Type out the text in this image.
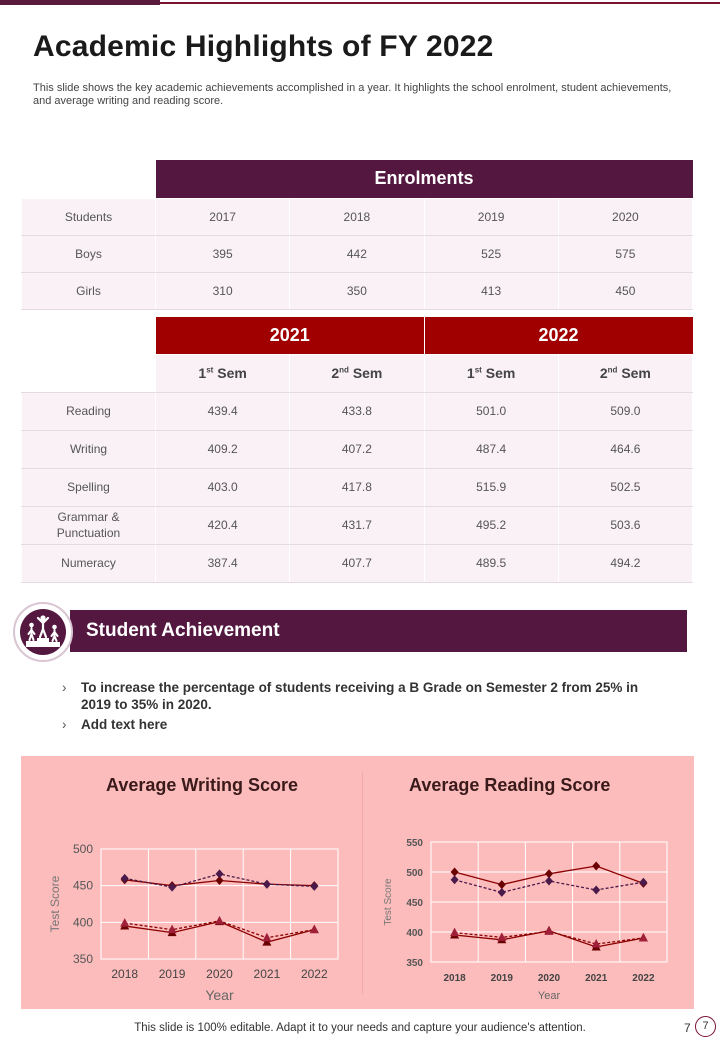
Academic Highlights of FY 2022

This slide shows the key academic achievements accomplished in a year. It highlights the school enrolment, student achievements, and average writing and reading score.

	Enrolments			
Students	2017	2018	2019	2020
Boys	395	442	525	575
Girls	310	350	413	450
	2021		2022	
	1st Sem	2nd Sem	1st Sem	2nd Sem
Reading	439.4	433.8	501.0	509.0
Writing	409.2	407.2	487.4	464.6
Spelling	403.0	417.8	515.9	502.5
Grammar & Punctuation	420.4	431.7	495.2	503.6
Numeracy	387.4	407.7	489.5	494.2
Student Achievement
› To increase the percentage of students receiving a B Grade on Semester 2 from 25% in 2019 to 35% in 2020.
› Add text here
Average Writing Score	Average Reading Score
350
400
450
500
2018 2019 2020 2021 2022
Year
Test Score
350
400
450
500
550
2018 2019 2020 2021 2022
Year
Test Score
This slide is 100% editable. Adapt it to your needs and capture your audience's attention.	7	7
